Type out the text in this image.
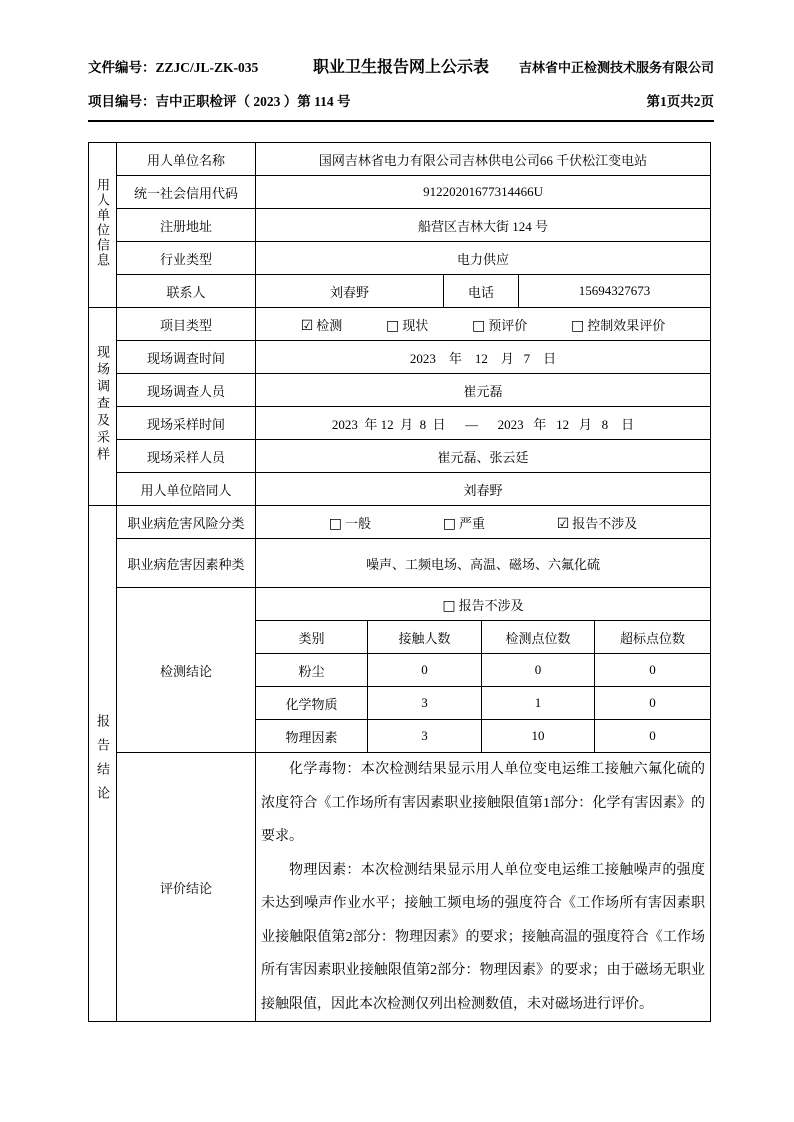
文件编号：ZZJC/JL-ZK-035	职业卫生报告网上公示表	吉林省中正检测技术服务有限公司
项目编号：吉中正职检评（ 2023 ）第 114 号	第1页共2页
用人单位信息	用人单位名称	国网吉林省电力有限公司吉林供电公司66 千伏松江变电站					
	统一社会信用代码	91220201677314466U					
	注册地址	船营区吉林大街 124 号					
	行业类型	电力供应					
	联系人	刘春野		电话		15694327673	
现场调查及采样	项目类型	☑ 检测 □ 现状 □ 预评价 □ 控制效果评价					

	现场调查时间	2023    年    12    月   7    日					
	现场调查人员	崔元磊					
	现场采样时间	2023  年 12  月  8  日      —      2023   年   12   月   8    日					
	现场采样人员	崔元磊、张云廷					
	用人单位陪同人	刘春野					
报告结论	职业病危害风险分类	□ 一般 □ 严重 ☑ 报告不涉及					

	职业病危害因素种类	噪声、工频电场、高温、磁场、六氟化硫					
	检测结论	□ 报告不涉及					
		类别	接触人数		检测点位数		超标点位数
		粉尘	0		0		0
		化学物质	3		1		0
		物理因素	3		10		0
	评价结论	化学毒物：本次检测结果显示用人单位变电运维工接触六氟化硫的浓度符合《工作场所有害因素职业接触限值第1部分：化学有害因素》的要求。

物理因素：本次检测结果显示用人单位变电运维工接触噪声的强度未达到噪声作业水平；接触工频电场的强度符合《工作场所有害因素职业接触限值第2部分：物理因素》的要求；接触高温的强度符合《工作场所有害因素职业接触限值第2部分：物理因素》的要求；由于磁场无职业接触限值，因此本次检测仅列出检测数值，未对磁场进行评价。					
